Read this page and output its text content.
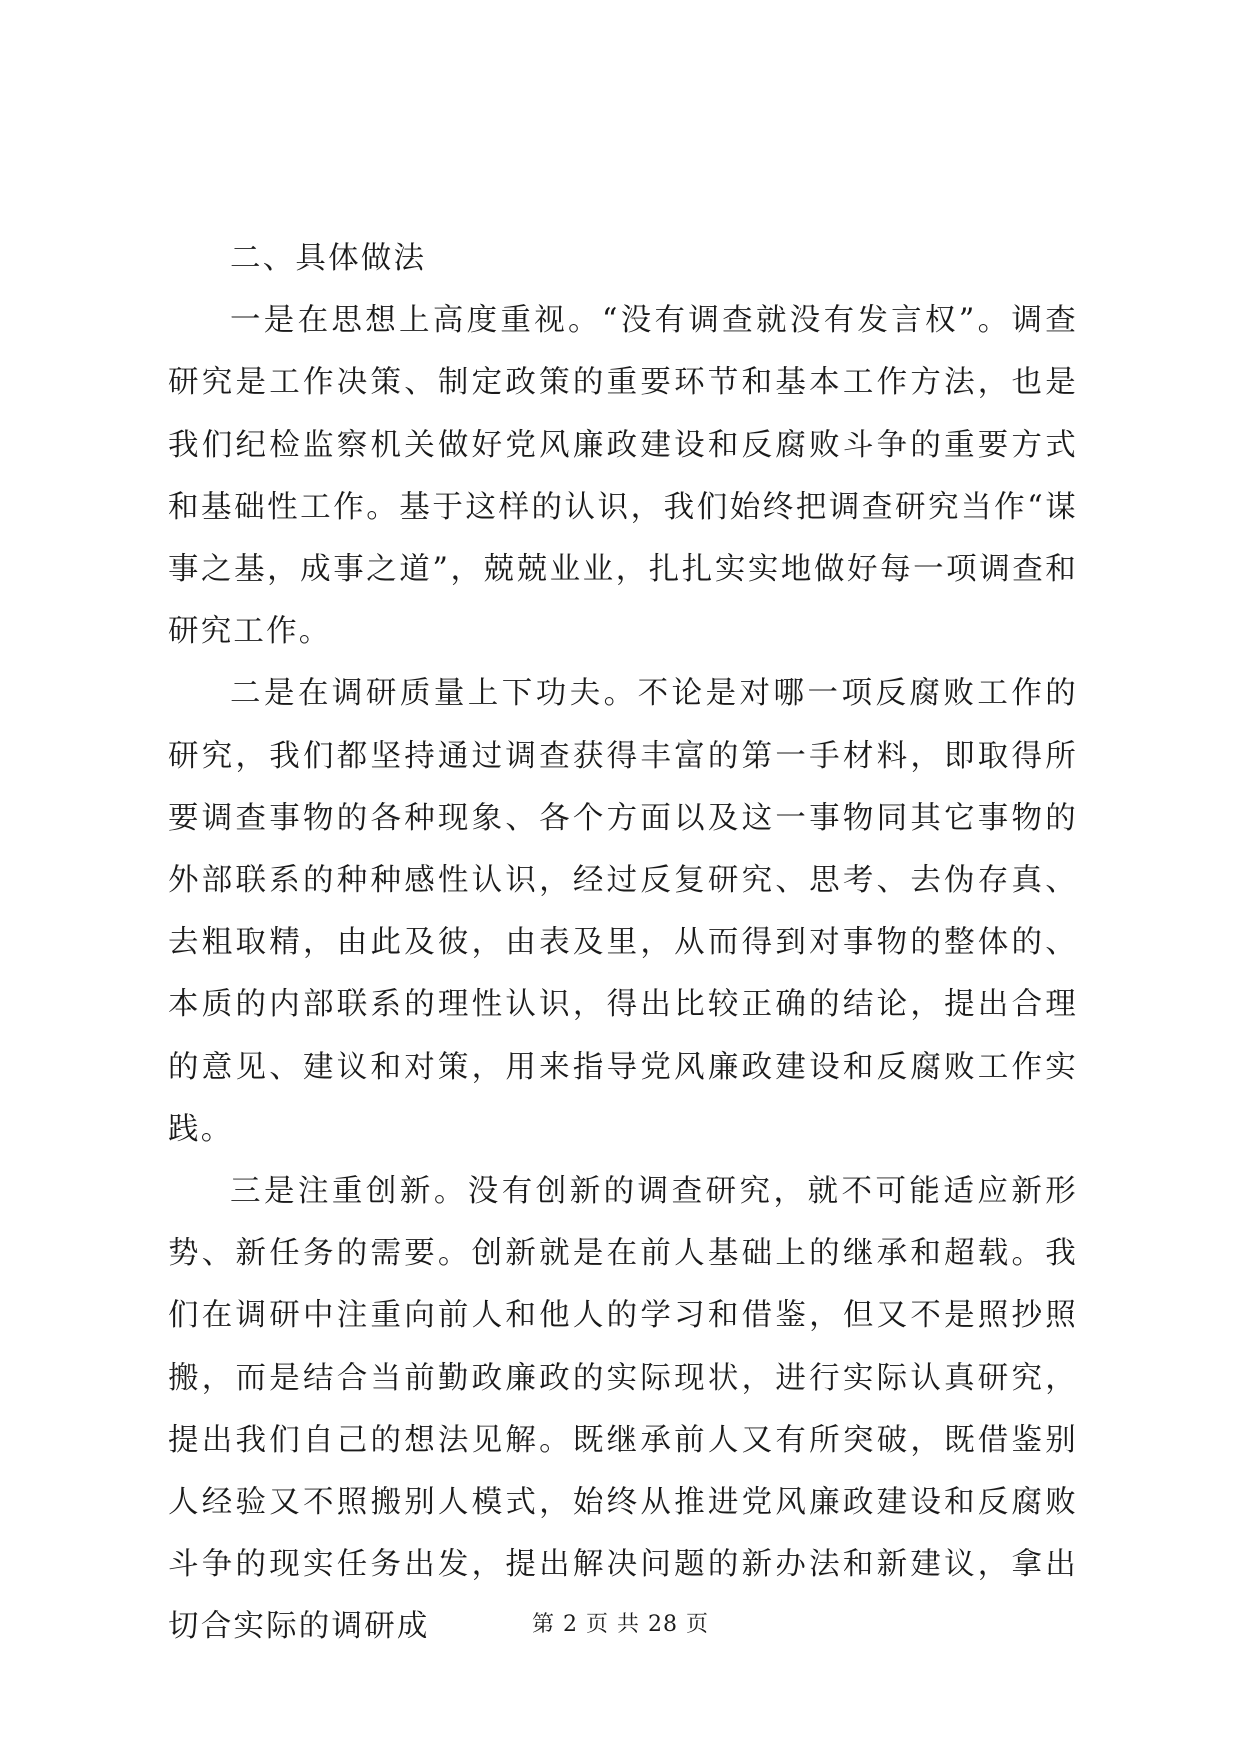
二、具体做法

一是在思想上高度重视。“没有调查就没有发言权”。调查研究是工作决策、制定政策的重要环节和基本工作方法，也是我们纪检监察机关做好党风廉政建设和反腐败斗争的重要方式和基础性工作。基于这样的认识，我们始终把调查研究当作“谋事之基，成事之道”，兢兢业业，扎扎实实地做好每一项调查和研究工作。

二是在调研质量上下功夫。不论是对哪一项反腐败工作的研究，我们都坚持通过调查获得丰富的第一手材料，即取得所要调查事物的各种现象、各个方面以及这一事物同其它事物的外部联系的种种感性认识，经过反复研究、思考、去伪存真、去粗取精，由此及彼，由表及里，从而得到对事物的整体的、本质的内部联系的理性认识，得出比较正确的结论，提出合理的意见、建议和对策，用来指导党风廉政建设和反腐败工作实践。

三是注重创新。没有创新的调查研究，就不可能适应新形势、新任务的需要。创新就是在前人基础上的继承和超载。我们在调研中注重向前人和他人的学习和借鉴，但又不是照抄照搬，而是结合当前勤政廉政的实际现状，进行实际认真研究，提出我们自己的想法见解。既继承前人又有所突破，既借鉴别人经验又不照搬别人模式，始终从推进党风廉政建设和反腐败斗争的现实任务出发，提出解决问题的新办法和新建议，拿出切合实际的调研成	第 2 页 共 28 页
